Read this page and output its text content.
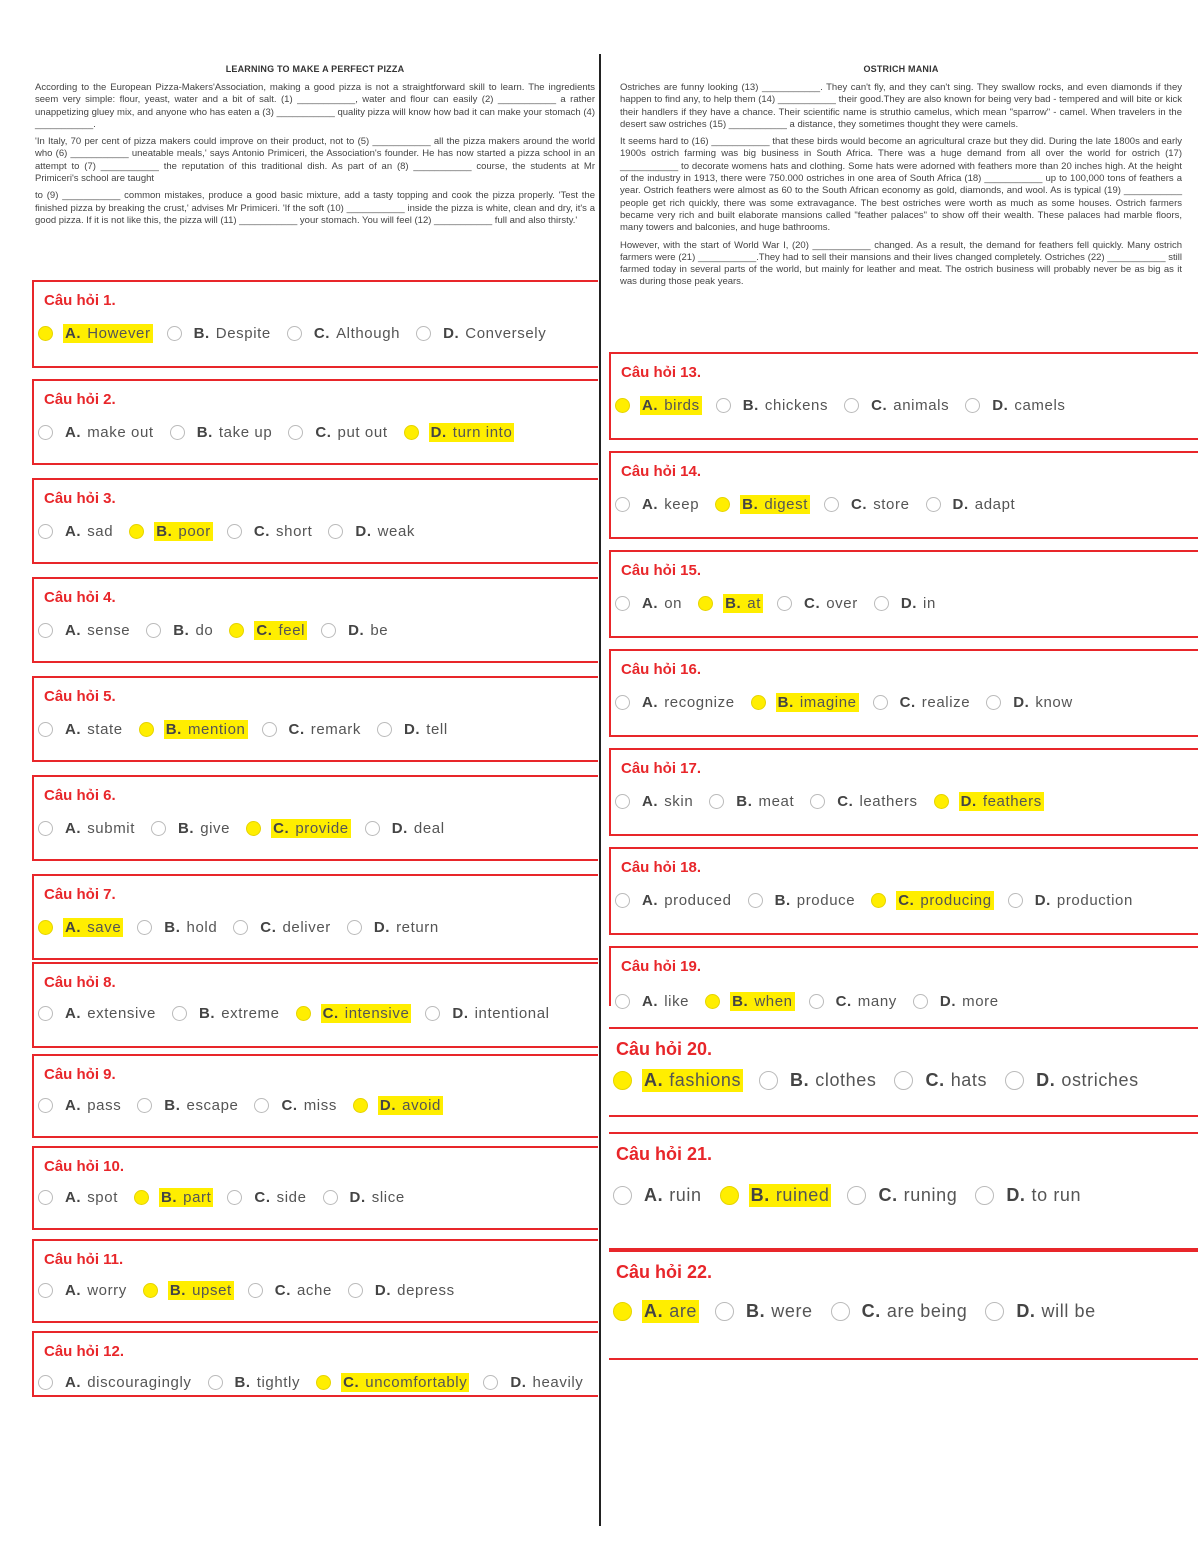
LEARNING TO MAKE A PERFECT PIZZA

According to the European Pizza-Makers'Association, making a good pizza is not a straightforward skill to learn. The ingredients seem very simple: flour, yeast, water and a bit of salt. (1) ___________, water and flour can easily (2) ___________ a rather unappetizing gluey mix, and anyone who has eaten a (3) ___________ quality pizza will know how bad it can make your stomach (4) ___________.

'In Italy, 70 per cent of pizza makers could improve on their product, not to (5) ___________ all the pizza makers around the world who (6) ___________ uneatable meals,' says Antonio Primiceri, the Association's founder. He has now started a pizza school in an attempt to (7) ___________ the reputation of this traditional dish. As part of an (8) ___________ course, the students at Mr Primiceri's school are taught

to (9) ___________ common mistakes, produce a good basic mixture, add a tasty topping and cook the pizza properly. 'Test the finished pizza by breaking the crust,' advises Mr Primiceri. 'If the soft (10) ___________ inside the pizza is white, clean and dry, it's a good pizza. If it is not like this, the pizza will (11) ___________ your stomach. You will feel (12) ___________ full and also thirsty.'

OSTRICH MANIA

Ostriches are funny looking (13) ___________. They can't fly, and they can't sing. They swallow rocks, and even diamonds if they happen to find any, to help them (14) ___________ their good.They are also known for being very bad - tempered and will bite or kick their handlers if they have a chance. Their scientific name is struthio camelus, which mean "sparrow" - camel. When travelers in the desert saw ostriches (15) ___________ a distance, they sometimes thought they were camels.

It seems hard to (16) ___________ that these birds would become an agricultural craze but they did. During the late 1800s and early 1900s ostrich farming was big business in South Africa. There was a huge demand from all over the world for ostrich (17) ___________ to decorate womens hats and clothing. Some hats were adorned with feathers more than 20 inches high. At the height of the industry in 1913, there were 750.000 ostriches in one area of South Africa (18) ___________ up to 100,000 tons of feathers a year. Ostrich feathers were almost as 60 to the South African economy as gold, diamonds, and wool. As is typical (19) ___________ people get rich quickly, there was some extravagance. The best ostriches were worth as much as some houses. Ostrich farmers became very rich and built elaborate mansions called "feather palaces" to show off their wealth. These palaces had marble floors, many towers and balconies, and huge bathrooms.

However, with the start of World War I, (20) ___________ changed. As a result, the demand for feathers fell quickly. Many ostrich farmers were (21) ___________.They had to sell their mansions and their lives changed completely. Ostriches (22) ___________ still farmed today in several parts of the world, but mainly for leather and meat. The ostrich business will probably never be as big as it was during those peak years.

Câu hỏi 1.
A. However	B. Despite	C. Although	D. Conversely
Câu hỏi 2.
A. make out	B. take up	C. put out	D. turn into
Câu hỏi 3.
A. sad	B. poor	C. short	D. weak
Câu hỏi 4.
A. sense	B. do	C. feel	D. be
Câu hỏi 5.
A. state	B. mention	C. remark	D. tell
Câu hỏi 6.
A. submit	B. give	C. provide	D. deal
Câu hỏi 7.
A. save	B. hold	C. deliver	D. return
Câu hỏi 8.
A. extensive	B. extreme	C. intensive	D. intentional
Câu hỏi 9.
A. pass	B. escape	C. miss	D. avoid
Câu hỏi 10.
A. spot	B. part	C. side	D. slice
Câu hỏi 11.
A. worry	B. upset	C. ache	D. depress
Câu hỏi 12.
A. discouragingly	B. tightly	C. uncomfortably	D. heavily
Câu hỏi 13.
A. birds	B. chickens	C. animals	D. camels
Câu hỏi 14.
A. keep	B. digest	C. store	D. adapt
Câu hỏi 15.
A. on	B. at	C. over	D. in
Câu hỏi 16.
A. recognize	B. imagine	C. realize	D. know
Câu hỏi 17.
A. skin	B. meat	C. leathers	D. feathers
Câu hỏi 18.
A. produced	B. produce	C. producing	D. production
Câu hỏi 19.
A. like	B. when	C. many	D. more
Câu hỏi 20.
A. fashions	B. clothes	C. hats	D. ostriches
Câu hỏi 21.
A. ruin	B. ruined	C. runing	D. to run
Câu hỏi 22.
A. are	B. were	C. are being	D. will be
